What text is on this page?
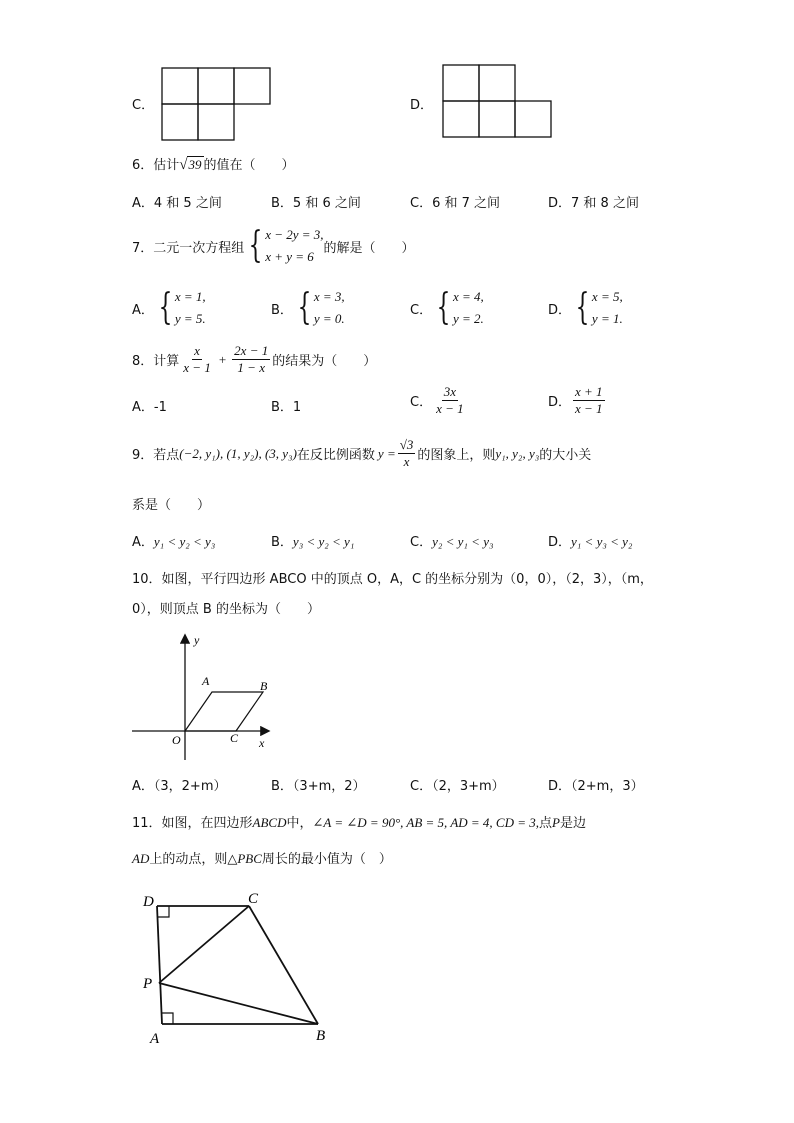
C．	D．
6．估计√39 的值在（　　）
A．4 和 5 之间	B．5 和 6 之间	C．6 和 7 之间	D．7 和 8 之间
7．二元一次方程组 { x − 2y = 3,
x + y = 6
的解是（　　）
A． { x = 1,
y = 5.
B． { x = 3,
y = 0.
C． { x = 4,
y = 2.
D． { x = 5,
y = 1.
8．计算 $\frac{x}{x - 1} + \frac{2x - 1}{1 - x}$ 的结果为（　　）
A．-1	B．1	C． $\frac{3x}{x - 1}$	D． $\frac{x + 1}{x - 1}$
9．若点 (−2, y₁), (1, y₂), (3, y₃) 在反比例函数 $y = \frac{√3}{x}$ 的图象上，则 y₁, y₂, y₃ 的大小关
系是（　　）
A．y₁ < y₂ < y₃	B．y₃ < y₂ < y₁	C．y₂ < y₁ < y₃	D．y₁ < y₃ < y₂
10．如图，平行四边形 ABCO 中的顶点 O，A，C 的坐标分别为（0，0），（2，3），（m，
0），则顶点 B 的坐标为（　　）
y
x
O
A	B
C
A．（3，2+m）	B．（3+m，2）	C．（2，3+m）	D．（2+m，3）
11．如图，在四边形ABCD中，∠A = ∠D = 90°, AB = 5, AD = 4, CD = 3,点P是边
AD上的动点，则△PBC周长的最小值为（　）
D	C
P
A	B
